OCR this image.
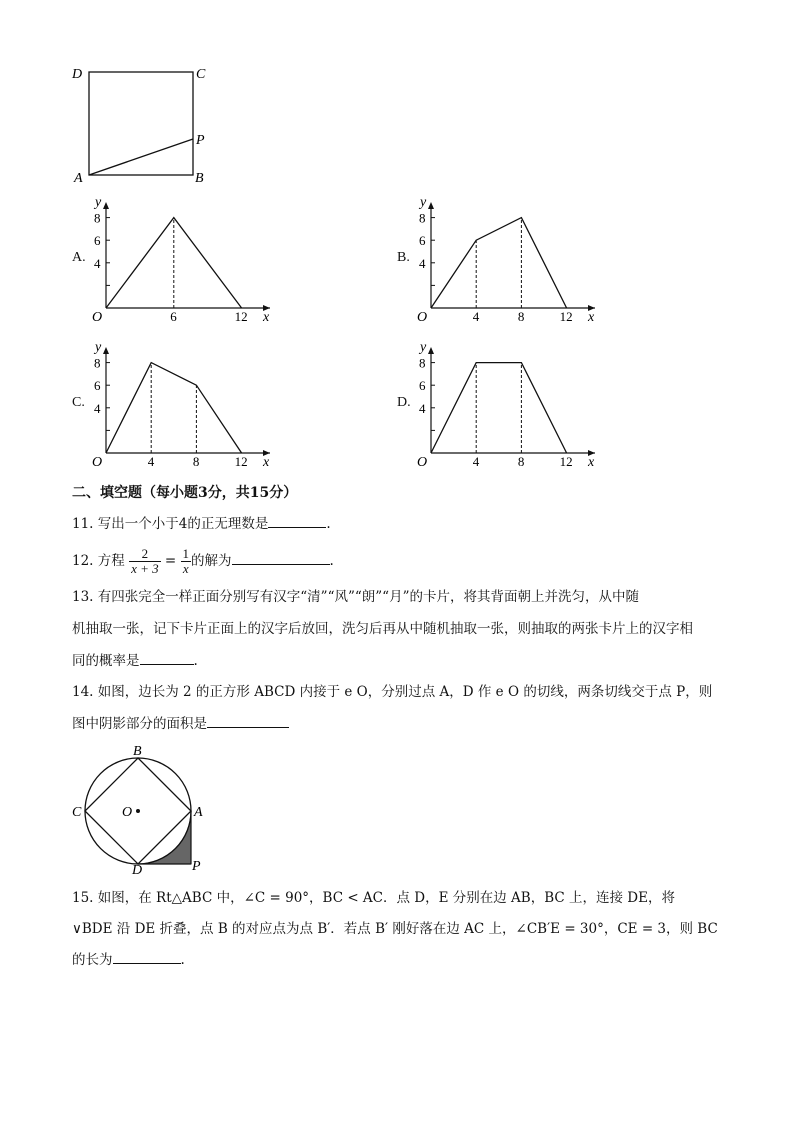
D	C
P
A	B
A.
x
y
O
8
6
4
6	12
B.
x
y
O
8
6
4
4	8	12
C.
x
y
O
8
6
4
4	8	12
D.
x
y
O
8
6
4
4	8	12
二、填空题（每小题3分，共15分）
11. 写出一个小于4的正无理数是	.
12. 方程 $\frac{2}{x + 3} = \frac{1}{x}$ 的解为	.
13. 有四张完全一样正面分别写有汉字“清”“风”“朗”“月”的卡片，将其背面朝上并洗匀，从中随
机抽取一张，记下卡片正面上的汉字后放回，洗匀后再从中随机抽取一张，则抽取的两张卡片上的汉字相
同的概率是	.
14. 如图，边长为 2 的正方形 ABCD 内接于 e O，分别过点 A，D 作 e O 的切线，两条切线交于点 P，则
图中阴影部分的面积是
B
C	O	A
D	P
15. 如图，在 Rt△ABC 中，∠C = 90°，BC < AC．点 D，E 分别在边 AB，BC 上，连接 DE，将
∨BDE 沿 DE 折叠，点 B 的对应点为点 B′．若点 B′ 刚好落在边 AC 上，∠CB′E = 30°，CE = 3，则 BC
的长为	.
